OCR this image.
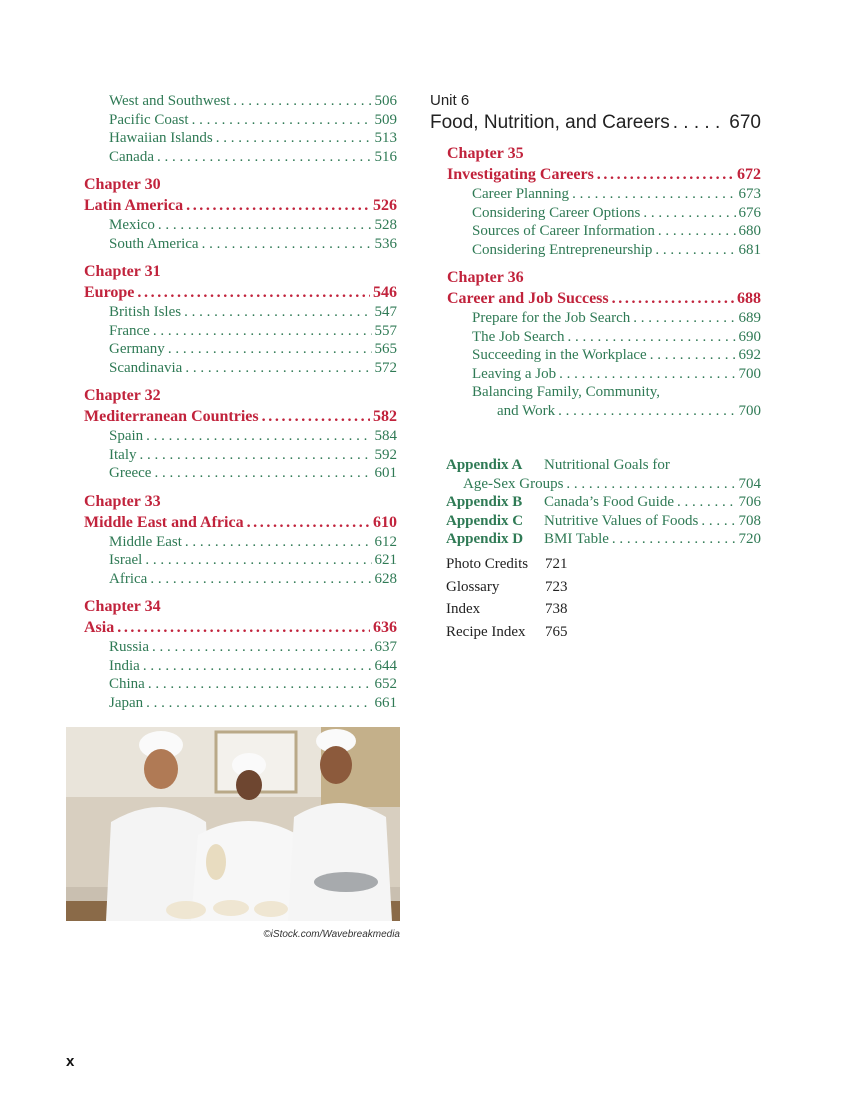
West and Southwest . . .	506
Pacific Coast . . .	509
Hawaiian Islands . . .	513
Canada . . .	516
Chapter 30
Latin America .....	526
Mexico . . .	528
South America . . .	536
Chapter 31
Europe .....	546
British Isles . . .	547
France . . .	557
Germany . . .	565
Scandinavia . . .	572
Chapter 32
Mediterranean Countries .....	582
Spain . . .	584
Italy . . .	592
Greece . . .	601
Chapter 33
Middle East and Africa .....	610
Middle East . . .	612
Israel . . .	621
Africa . . .	628
Chapter 34
Asia .....	636
Russia . . .	637
India . . .	644
China . . .	652
Japan . . .	661
Unit 6
Food, Nutrition, and Careers . . .	670
Chapter 35
Investigating Careers .....	672
Career Planning . . .	673
Considering Career Options . . .	676
Sources of Career Information . . .	680
Considering Entrepreneurship . . .	681
Chapter 36
Career and Job Success .....	688
Prepare for the Job Search . . .	689
The Job Search . . .	690
Succeeding in the Workplace . . .	692
Leaving a Job . . .	700
Balancing Family, Community,
and Work . . .	700
Appendix A	Nutritional Goals for
Age-Sex Groups . . .	704
Appendix B	Canada’s Food Guide . . .	706
Appendix C	Nutritive Values of Foods . . .	708
Appendix D	BMI Table . . .	720
Photo Credits	721
Glossary	723
Index	738
Recipe Index	765
©iStock.com/Wavebreakmedia
x
